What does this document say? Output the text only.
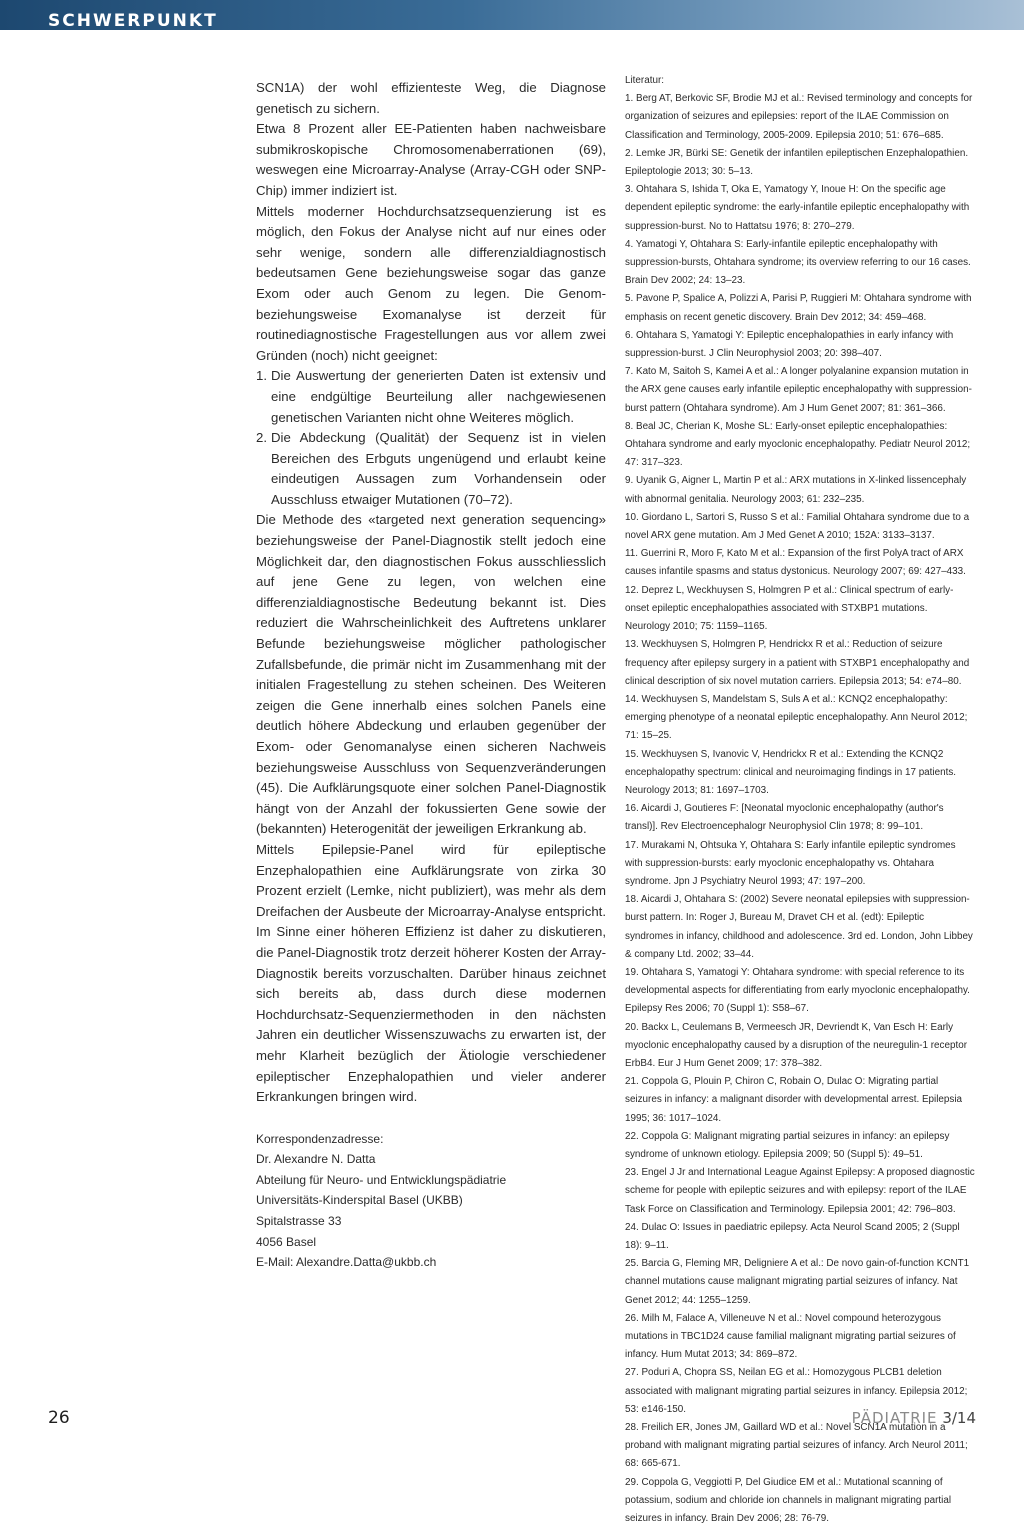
SCHWERPUNKT

SCN1A) der wohl effizienteste Weg, die Diagnose genetisch zu sichern.

Etwa 8 Prozent aller EE-Patienten haben nachweisbare submikroskopische Chromosomenaberrationen (69), weswegen eine Microarray-Analyse (Array-CGH oder SNP-Chip) immer indiziert ist.

Mittels moderner Hochdurchsatzsequenzierung ist es möglich, den Fokus der Analyse nicht auf nur eines oder sehr wenige, sondern alle differenzialdiagnostisch bedeutsamen Gene beziehungsweise sogar das ganze Exom oder auch Genom zu legen. Die Genom- beziehungsweise Exomanalyse ist derzeit für routinediagnostische Fragestellungen aus vor allem zwei Gründen (noch) nicht geeignet:

1. Die Auswertung der generierten Daten ist extensiv und eine endgültige Beurteilung aller nachgewiesenen genetischen Varianten nicht ohne Weiteres möglich.
2. Die Abdeckung (Qualität) der Sequenz ist in vielen Bereichen des Erbguts ungenügend und erlaubt keine eindeutigen Aussagen zum Vorhandensein oder Ausschluss etwaiger Mutationen (70–72).

Die Methode des «targeted next generation sequencing» beziehungsweise der Panel-Diagnostik stellt jedoch eine Möglichkeit dar, den diagnostischen Fokus ausschliesslich auf jene Gene zu legen, von welchen eine differenzialdiagnostische Bedeutung bekannt ist. Dies reduziert die Wahrscheinlichkeit des Auftretens unklarer Befunde beziehungsweise möglicher pathologischer Zufallsbefunde, die primär nicht im Zusammenhang mit der initialen Fragestellung zu stehen scheinen. Des Weiteren zeigen die Gene innerhalb eines solchen Panels eine deutlich höhere Abdeckung und erlauben gegenüber der Exom- oder Genomanalyse einen sicheren Nachweis beziehungsweise Ausschluss von Sequenzveränderungen (45). Die Aufklärungsquote einer solchen Panel-Diagnostik hängt von der Anzahl der fokussierten Gene sowie der (bekannten) Heterogenität der jeweiligen Erkrankung ab.

Mittels Epilepsie-Panel wird für epileptische Enzephalopathien eine Aufklärungsrate von zirka 30 Prozent erzielt (Lemke, nicht publiziert), was mehr als dem Dreifachen der Ausbeute der Microarray-Analyse entspricht. Im Sinne einer höheren Effizienz ist daher zu diskutieren, die Panel-Diagnostik trotz derzeit höherer Kosten der Array-Diagnostik bereits vorzuschalten. Darüber hinaus zeichnet sich bereits ab, dass durch diese modernen Hochdurchsatz-Sequenziermethoden in den nächsten Jahren ein deutlicher Wissenszuwachs zu erwarten ist, der mehr Klarheit bezüglich der Ätiologie verschiedener epileptischer Enzephalopathien und vieler anderer Erkrankungen bringen wird.

Korrespondenzadresse:
Dr. Alexandre N. Datta
Abteilung für Neuro- und Entwicklungspädiatrie
Universitäts-Kinderspital Basel (UKBB)
Spitalstrasse 33
4056 Basel
E-Mail: Alexandre.Datta@ukbb.ch

Literatur:

1. Berg AT, Berkovic SF, Brodie MJ et al.: Revised terminology and concepts for organization of seizures and epilepsies: report of the ILAE Commission on Classification and Terminology, 2005-2009. Epilepsia 2010; 51: 676–685.

2. Lemke JR, Bürki SE: Genetik der infantilen epileptischen Enzephalopathien. Epileptologie 2013; 30: 5–13.

3. Ohtahara S, Ishida T, Oka E, Yamatogy Y, Inoue H: On the specific age dependent epileptic syndrome: the early-infantile epileptic encephalopathy with suppression-burst. No to Hattatsu 1976; 8: 270–279.

4. Yamatogi Y, Ohtahara S: Early-infantile epileptic encephalopathy with suppression-bursts, Ohtahara syndrome; its overview referring to our 16 cases. Brain Dev 2002; 24: 13–23.

5. Pavone P, Spalice A, Polizzi A, Parisi P, Ruggieri M: Ohtahara syndrome with emphasis on recent genetic discovery. Brain Dev 2012; 34: 459–468.

6. Ohtahara S, Yamatogi Y: Epileptic encephalopathies in early infancy with suppression-burst. J Clin Neurophysiol 2003; 20: 398–407.

7. Kato M, Saitoh S, Kamei A et al.: A longer polyalanine expansion mutation in the ARX gene causes early infantile epileptic encephalopathy with suppression-burst pattern (Ohtahara syndrome). Am J Hum Genet 2007; 81: 361–366.

8. Beal JC, Cherian K, Moshe SL: Early-onset epileptic encephalopathies: Ohtahara syndrome and early myoclonic encephalopathy. Pediatr Neurol 2012; 47: 317–323.

9. Uyanik G, Aigner L, Martin P et al.: ARX mutations in X-linked lissencephaly with abnormal genitalia. Neurology 2003; 61: 232–235.

10. Giordano L, Sartori S, Russo S et al.: Familial Ohtahara syndrome due to a novel ARX gene mutation. Am J Med Genet A 2010; 152A: 3133–3137.

11. Guerrini R, Moro F, Kato M et al.: Expansion of the first PolyA tract of ARX causes infantile spasms and status dystonicus. Neurology 2007; 69: 427–433.

12. Deprez L, Weckhuysen S, Holmgren P et al.: Clinical spectrum of early-onset epileptic encephalopathies associated with STXBP1 mutations. Neurology 2010; 75: 1159–1165.

13. Weckhuysen S, Holmgren P, Hendrickx R et al.: Reduction of seizure frequency after epilepsy surgery in a patient with STXBP1 encephalopathy and clinical description of six novel mutation carriers. Epilepsia 2013; 54: e74–80.

14. Weckhuysen S, Mandelstam S, Suls A et al.: KCNQ2 encephalopathy: emerging phenotype of a neonatal epileptic encephalopathy. Ann Neurol 2012; 71: 15–25.

15. Weckhuysen S, Ivanovic V, Hendrickx R et al.: Extending the KCNQ2 encephalopathy spectrum: clinical and neuroimaging findings in 17 patients. Neurology 2013; 81: 1697–1703.

16. Aicardi J, Goutieres F: [Neonatal myoclonic encephalopathy (author's transl)]. Rev Electroencephalogr Neurophysiol Clin 1978; 8: 99–101.

17. Murakami N, Ohtsuka Y, Ohtahara S: Early infantile epileptic syndromes with suppression-bursts: early myoclonic encephalopathy vs. Ohtahara syndrome. Jpn J Psychiatry Neurol 1993; 47: 197–200.

18. Aicardi J, Ohtahara S: (2002) Severe neonatal epilepsies with suppression-burst pattern. In: Roger J, Bureau M, Dravet CH et al. (edt): Epileptic syndromes in infancy, childhood and adolescence. 3rd ed. London, John Libbey & company Ltd. 2002; 33–44.

19. Ohtahara S, Yamatogi Y: Ohtahara syndrome: with special reference to its developmental aspects for differentiating from early myoclonic encephalopathy. Epilepsy Res 2006; 70 (Suppl 1): S58–67.

20. Backx L, Ceulemans B, Vermeesch JR, Devriendt K, Van Esch H: Early myoclonic encephalopathy caused by a disruption of the neuregulin-1 receptor ErbB4. Eur J Hum Genet 2009; 17: 378–382.

21. Coppola G, Plouin P, Chiron C, Robain O, Dulac O: Migrating partial seizures in infancy: a malignant disorder with developmental arrest. Epilepsia 1995; 36: 1017–1024.

22. Coppola G: Malignant migrating partial seizures in infancy: an epilepsy syndrome of unknown etiology. Epilepsia 2009; 50 (Suppl 5): 49–51.

23. Engel J Jr and International League Against Epilepsy: A proposed diagnostic scheme for people with epileptic seizures and with epilepsy: report of the ILAE Task Force on Classification and Terminology. Epilepsia 2001; 42: 796–803.

24. Dulac O: Issues in paediatric epilepsy. Acta Neurol Scand 2005; 2 (Suppl 18): 9–11.

25. Barcia G, Fleming MR, Deligniere A et al.: De novo gain-of-function KCNT1 channel mutations cause malignant migrating partial seizures of infancy. Nat Genet 2012; 44: 1255–1259.

26. Milh M, Falace A, Villeneuve N et al.: Novel compound heterozygous mutations in TBC1D24 cause familial malignant migrating partial seizures of infancy. Hum Mutat 2013; 34: 869–872.

27. Poduri A, Chopra SS, Neilan EG et al.: Homozygous PLCB1 deletion associated with malignant migrating partial seizures in infancy. Epilepsia 2012; 53: e146-150.

28. Freilich ER, Jones JM, Gaillard WD et al.: Novel SCN1A mutation in a proband with malignant migrating partial seizures of infancy. Arch Neurol 2011; 68: 665-671.

29. Coppola G, Veggiotti P, Del Giudice EM et al.: Mutational scanning of potassium, sodium and chloride ion channels in malignant migrating partial seizures in infancy. Brain Dev 2006; 28: 76-79.

26	PÄDIATRIE 3/14
